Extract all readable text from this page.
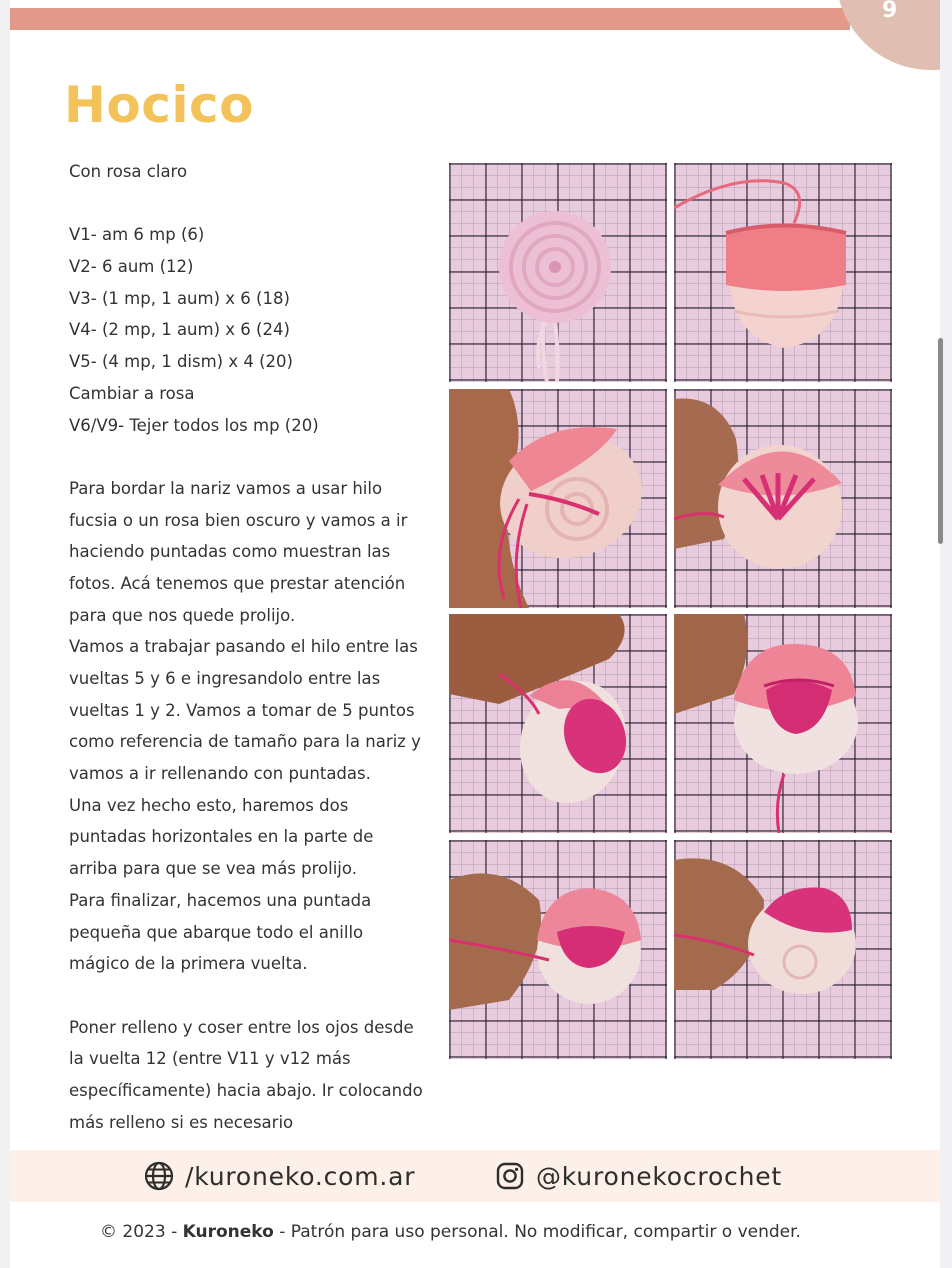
9
Hocico
Con rosa claro
V1- am 6 mp (6)
V2- 6 aum (12)
V3- (1 mp, 1 aum) x 6 (18)
V4- (2 mp, 1 aum) x 6 (24)
V5- (4 mp, 1 dism) x 4 (20)
Cambiar a rosa
V6/V9- Tejer todos los mp (20)
Para bordar la nariz vamos a usar hilo
fucsia o un rosa bien oscuro y vamos a ir
haciendo puntadas como muestran las
fotos. Acá tenemos que prestar atención
para que nos quede prolijo.
Vamos a trabajar pasando el hilo entre las
vueltas 5 y 6 e ingresandolo entre las
vueltas 1 y 2. Vamos a tomar de 5 puntos
como referencia de tamaño para la nariz y
vamos a ir rellenando con puntadas.
Una vez hecho esto, haremos dos
puntadas horizontales en la parte de
arriba para que se vea más prolijo.
Para finalizar, hacemos una puntada
pequeña que abarque todo el anillo
mágico de la primera vuelta.
Poner relleno y coser entre los ojos desde
la vuelta 12 (entre V11 y v12 más
específicamente) hacia abajo. Ir colocando
más relleno si es necesario
/kuroneko.com.ar	@kuronekocrochet
© 2023 - Kuroneko - Patrón para uso personal. No modificar, compartir o vender.
